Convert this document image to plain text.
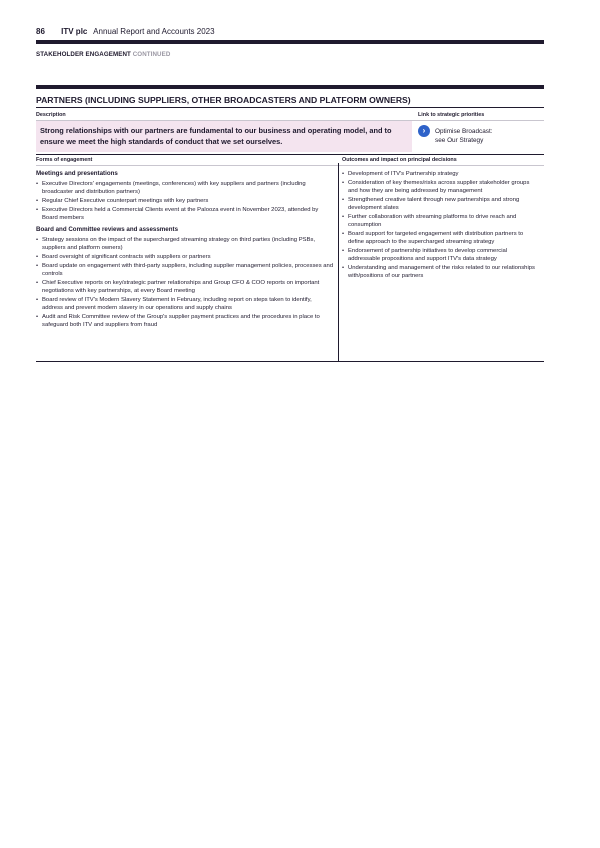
86 ITV plc Annual Report and Accounts 2023
STAKEHOLDER ENGAGEMENT CONTINUED
PARTNERS (INCLUDING SUPPLIERS, OTHER BROADCASTERS AND PLATFORM OWNERS)
Description	Link to strategic priorities
Strong relationships with our partners are fundamental to our business and operating model, and to ensure we meet the high standards of conduct that we set ourselves.
›	Optimise Broadcast:
see Our Strategy
Forms of engagement	Outcomes and impact on principal decisions
Meetings and presentations
• Executive Directors' engagements (meetings, conferences) with key suppliers and partners (including broadcaster and distribution partners)
• Regular Chief Executive counterpart meetings with key partners
• Executive Directors held a Commercial Clients event at the Palooza event in November 2023, attended by Board members
Board and Committee reviews and assessments
• Strategy sessions on the impact of the supercharged streaming strategy on third parties (including PSBs, suppliers and platform owners)
• Board oversight of significant contracts with suppliers or partners
• Board update on engagement with third-party suppliers, including supplier management policies, processes and controls
• Chief Executive reports on key/strategic partner relationships and Group CFO & COO reports on important negotiations with key partnerships, at every Board meeting
• Board review of ITV's Modern Slavery Statement in February, including report on steps taken to identify, address and prevent modern slavery in our operations and supply chains
• Audit and Risk Committee review of the Group's supplier payment practices and the procedures in place to safeguard both ITV and suppliers from fraud
• Development of ITV's Partnership strategy
• Consideration of key themes/risks across supplier stakeholder groups and how they are being addressed by management
• Strengthened creative talent through new partnerships and strong development slates
• Further collaboration with streaming platforms to drive reach and consumption
• Board support for targeted engagement with distribution partners to define approach to the supercharged streaming strategy
• Endorsement of partnership initiatives to develop commercial addressable propositions and support ITV's data strategy
• Understanding and management of the risks related to our relationships with/positions of our partners
